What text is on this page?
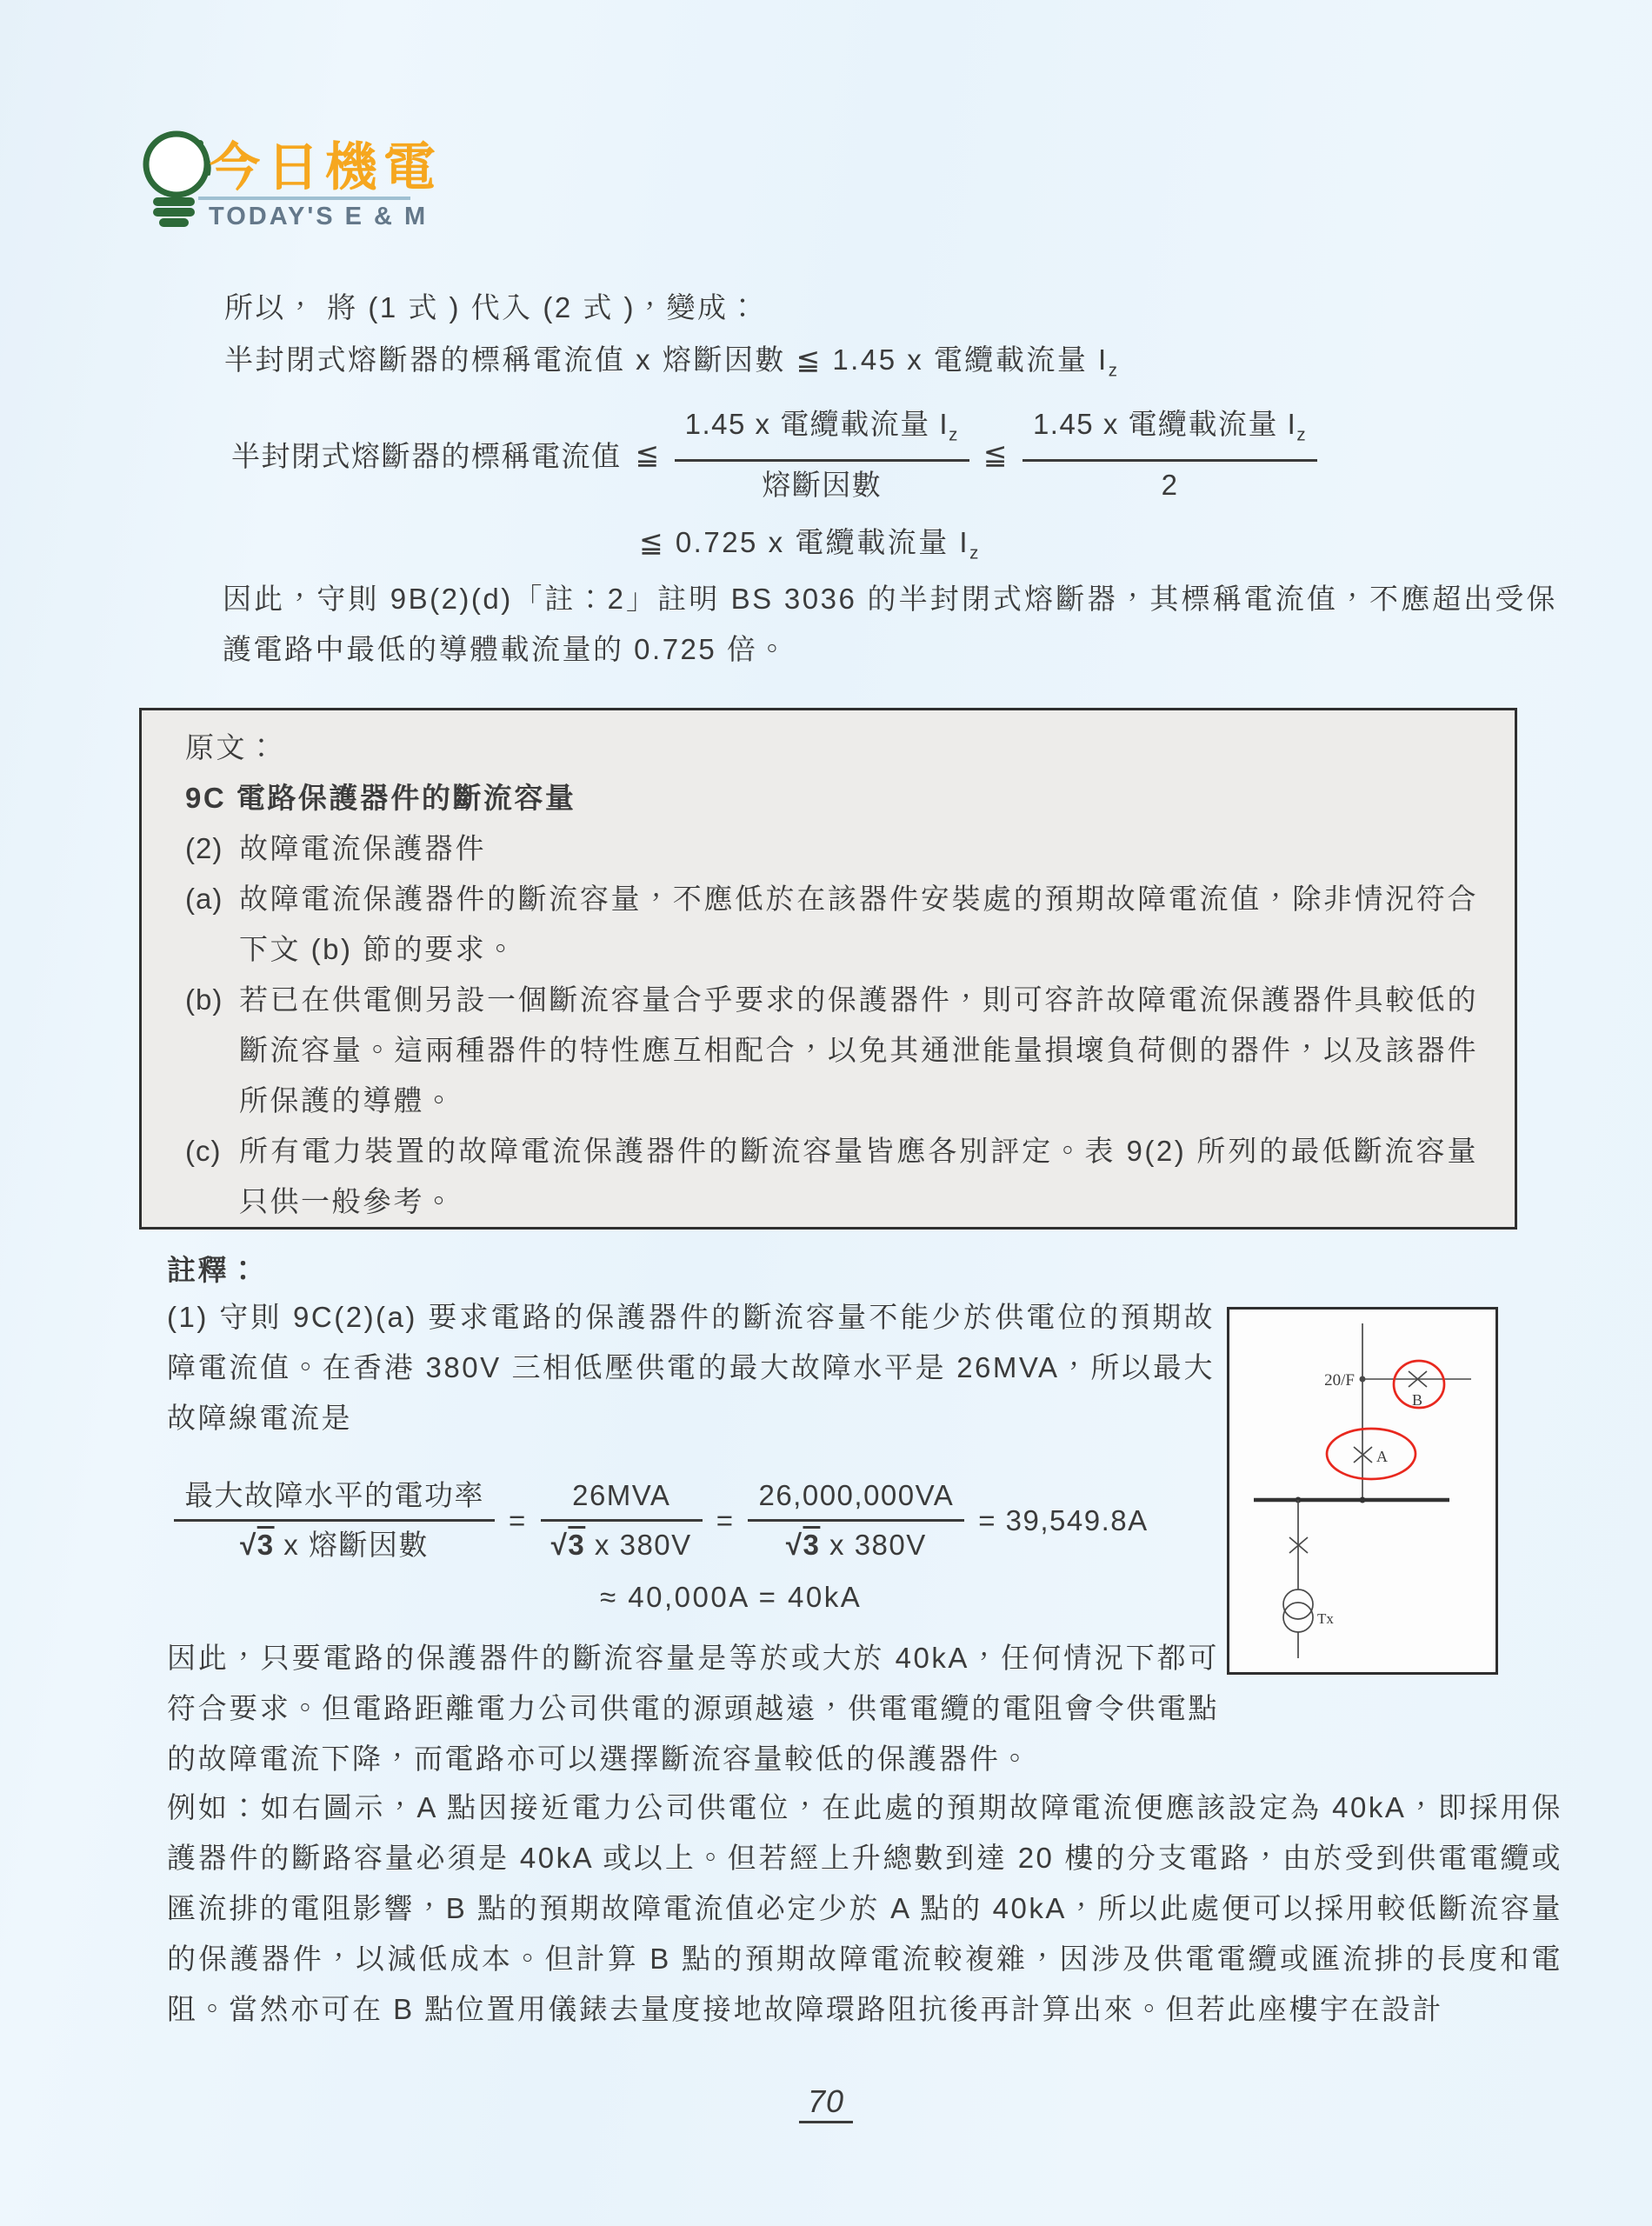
今日機電
TODAY'S E & M
所以， 將 (1 式 ) 代入 (2 式 )，變成：
半封閉式熔斷器的標稱電流值 x 熔斷因數 ≦ 1.45 x 電纜載流量 $I_z$
半封閉式熔斷器的標稱電流值 ≦ $\frac{1.45 x 電纜載流量 I_z}{\text{熔斷因數}}$ ≦ $\frac{1.45 x 電纜載流量 I_z}{2}$
≦ 0.725 x 電纜載流量 $I_z$
因此，守則 9B(2)(d)「註：2」註明 BS 3036 的半封閉式熔斷器，其標稱電流值，不應超出受保護電路中最低的導體載流量的 0.725 倍。
原文：
9C 電路保護器件的斷流容量
(2) 故障電流保護器件
(a) 故障電流保護器件的斷流容量，不應低於在該器件安裝處的預期故障電流值，除非情況符合下文 (b) 節的要求。
(b) 若已在供電側另設一個斷流容量合乎要求的保護器件，則可容許故障電流保護器件具較低的斷流容量。這兩種器件的特性應互相配合，以免其通泄能量損壞負荷側的器件，以及該器件所保護的導體。
(c) 所有電力裝置的故障電流保護器件的斷流容量皆應各別評定。表 9(2) 所列的最低斷流容量只供一般參考。
註釋：
(1) 守則 9C(2)(a) 要求電路的保護器件的斷流容量不能少於供電位的預期故障電流值。在香港 380V 三相低壓供電的最大故障水平是 26MVA，所以最大故障線電流是
$\frac{\text{最大故障水平的電功率}}{\text{√3 x 熔斷因數}} = \frac{\text{26MVA}}{√3 x 380V} = \frac{26,000,000VA}{√3 x 380V} = 39,549.8A$
≈ 40,000A = 40kA
因此，只要電路的保護器件的斷流容量是等於或大於 40kA，任何情況下都可符合要求。但電路距離電力公司供電的源頭越遠，供電電纜的電阻會令供電點的故障電流下降，而電路亦可以選擇斷流容量較低的保護器件。
例如：如右圖示，A 點因接近電力公司供電位，在此處的預期故障電流便應該設定為 40kA，即採用保護器件的斷路容量必須是 40kA 或以上。但若經上升總數到達 20 樓的分支電路，由於受到供電電纜或匯流排的電阻影響，B 點的預期故障電流值必定少於 A 點的 40kA，所以此處便可以採用較低斷流容量的保護器件，以減低成本。但計算 B 點的預期故障電流較複雜，因涉及供電電纜或匯流排的長度和電阻。當然亦可在 B 點位置用儀錶去量度接地故障環路阻抗後再計算出來。但若此座樓宇在設計
20/F
B
A
Tx
70
